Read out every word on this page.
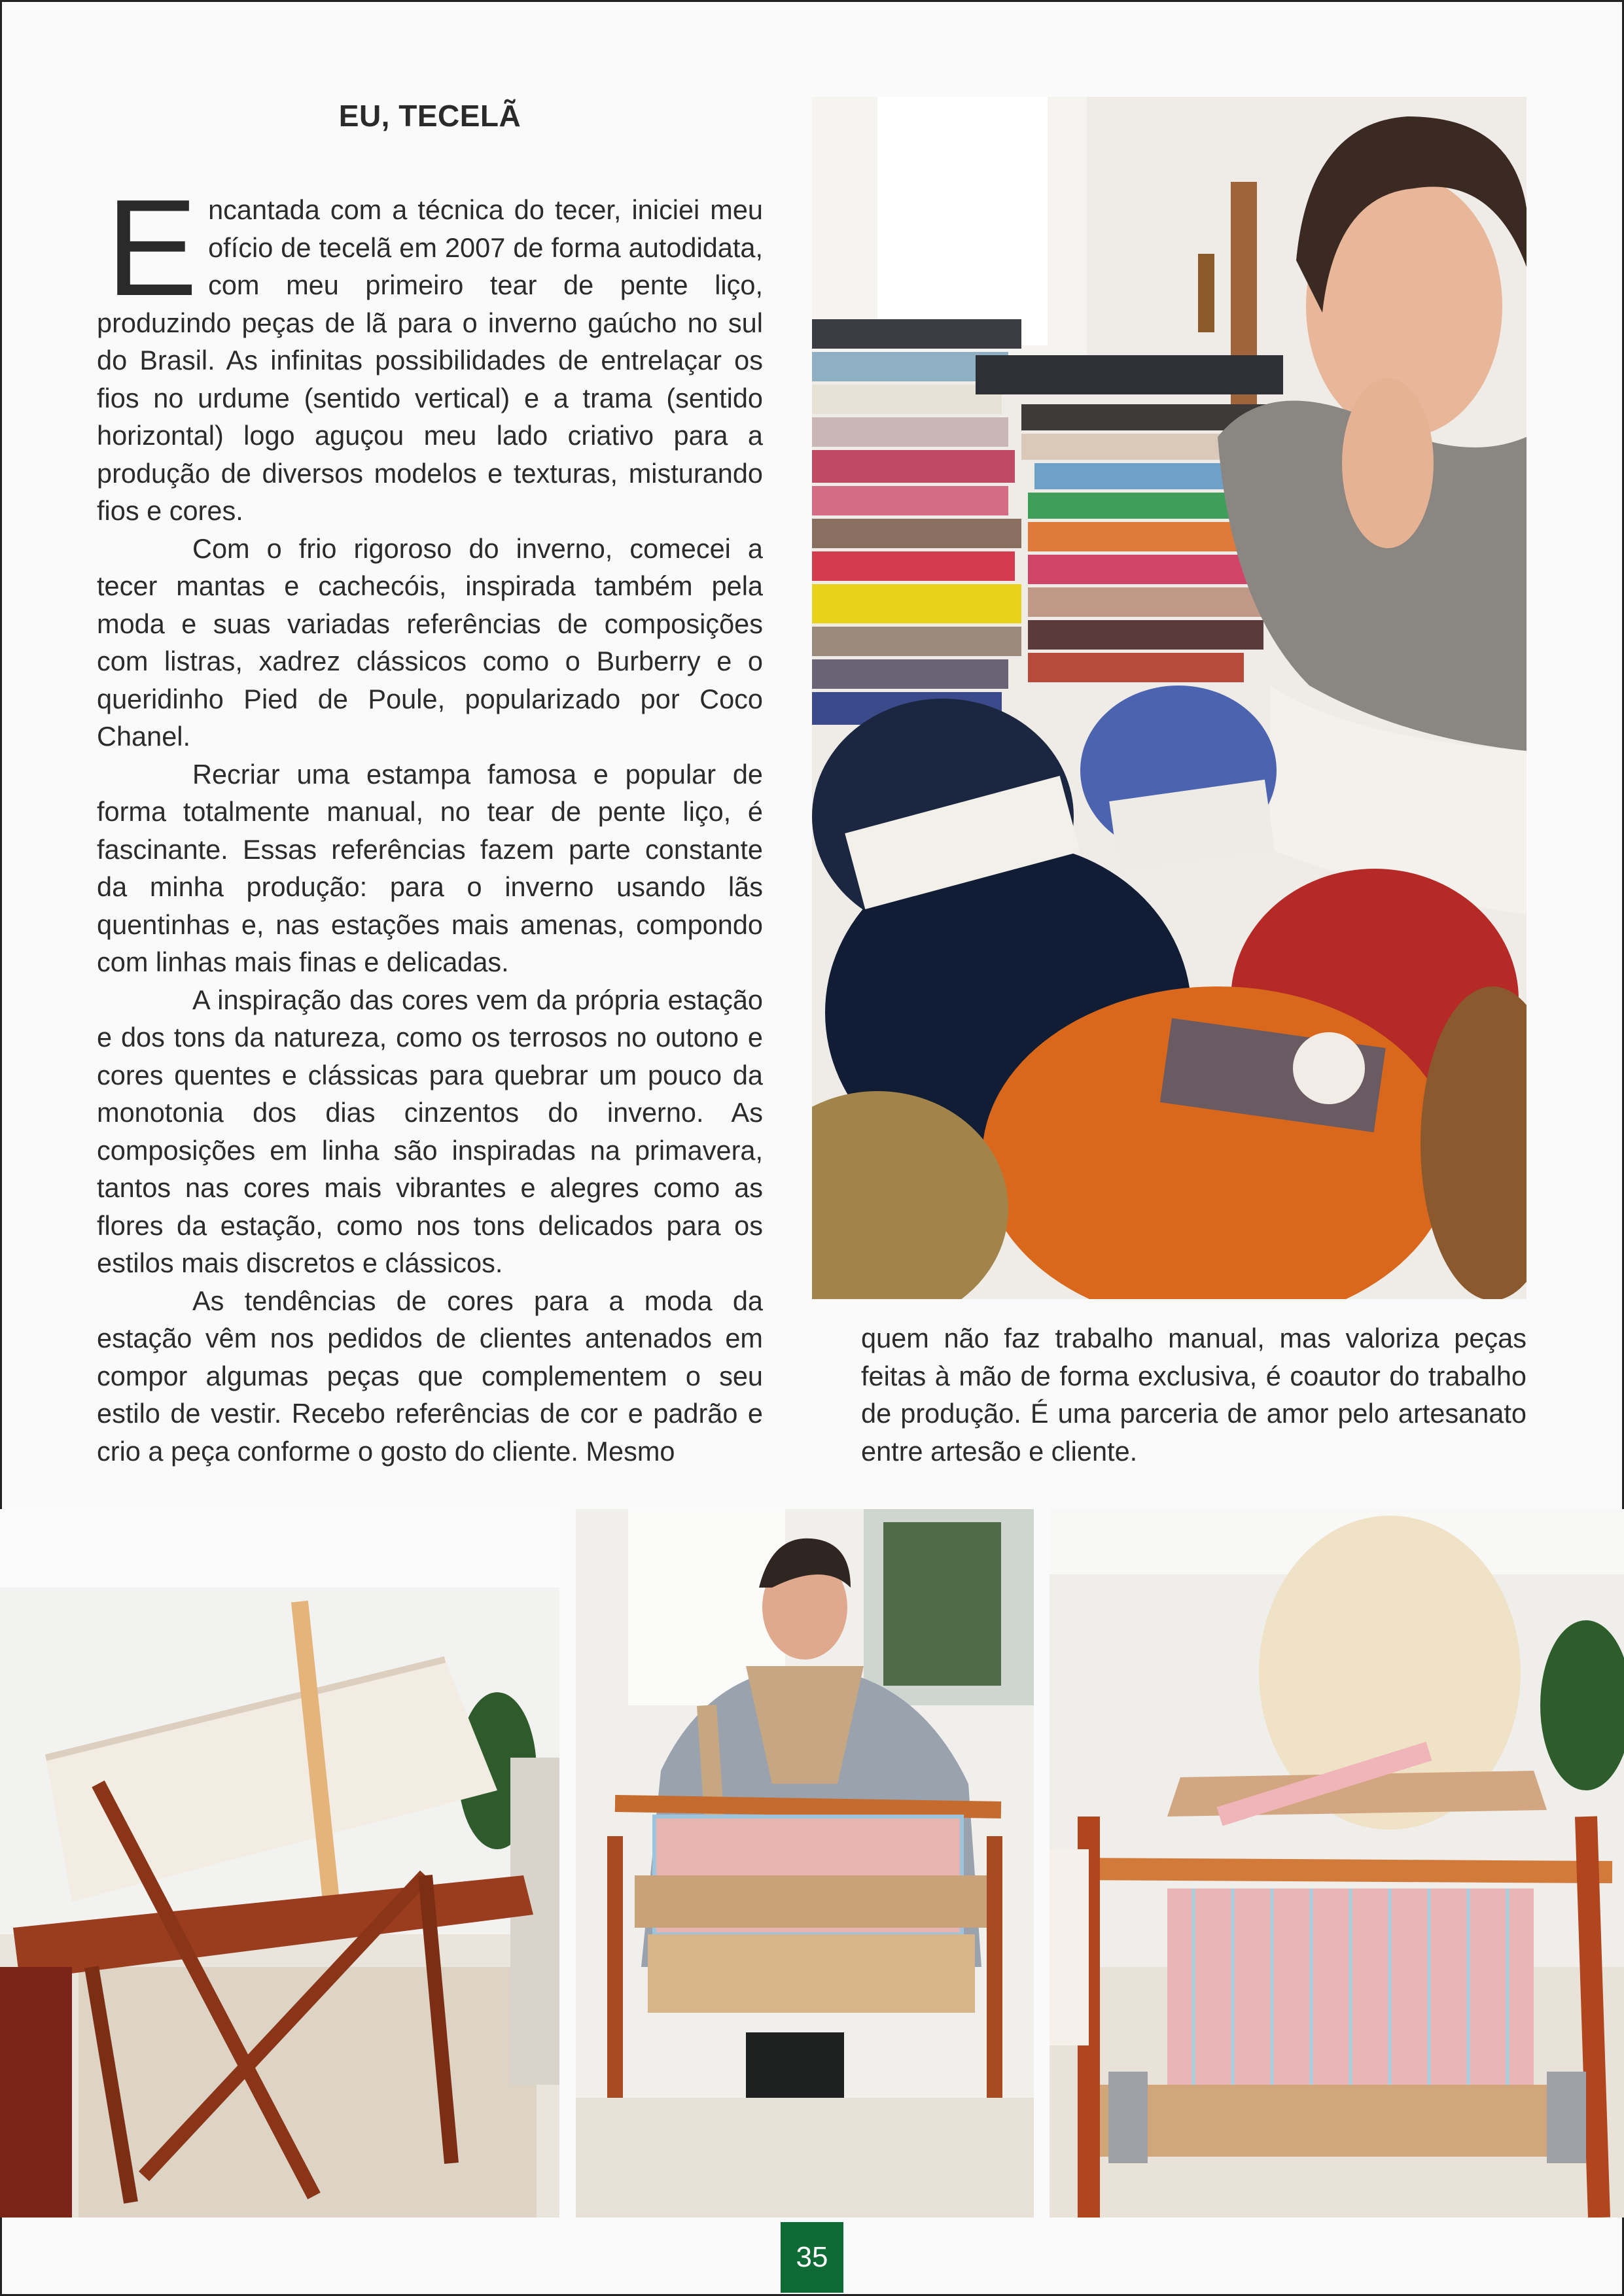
EU, TECELÃ

Encantada com a técnica do tecer, iniciei meu ofício de tecelã em 2007 de forma autodidata, com meu primeiro tear de pente liço, produzindo peças de lã para o inverno gaúcho no sul do Brasil. As infinitas possibilidades de entrelaçar os fios no urdume (sentido vertical) e a trama (sentido horizontal) logo aguçou meu lado criativo para a produção de diversos modelos e texturas, misturando fios e cores.

Com o frio rigoroso do inverno, comecei a tecer mantas e cachecóis, inspirada também pela moda e suas variadas referências de composições com listras, xadrez clássicos como o Burberry e o queridinho Pied de Poule, popularizado por Coco Chanel.

Recriar uma estampa famosa e popular de forma totalmente manual, no tear de pente liço, é fascinante. Essas referências fazem parte constante da minha produção: para o inverno usando lãs quentinhas e, nas estações mais amenas, compondo com linhas mais finas e delicadas.

A inspiração das cores vem da própria estação e dos tons da natureza, como os terrosos no outono e cores quentes e clássicas para quebrar um pouco da monotonia dos dias cinzentos do inverno. As composições em linha são inspiradas na primavera, tantos nas cores mais vibrantes e alegres como as flores da estação, como nos tons delicados para os estilos mais discretos e clássicos.

As tendências de cores para a moda da estação vêm nos pedidos de clientes antenados em compor algumas peças que complementem o seu estilo de vestir. Recebo referências de cor e padrão e crio a peça conforme o gosto do cliente. Mesmo

quem não faz trabalho manual, mas valoriza peças feitas à mão de forma exclusiva, é coautor do trabalho de produção. É uma parceria de amor pelo artesanato entre artesão e cliente.

35
